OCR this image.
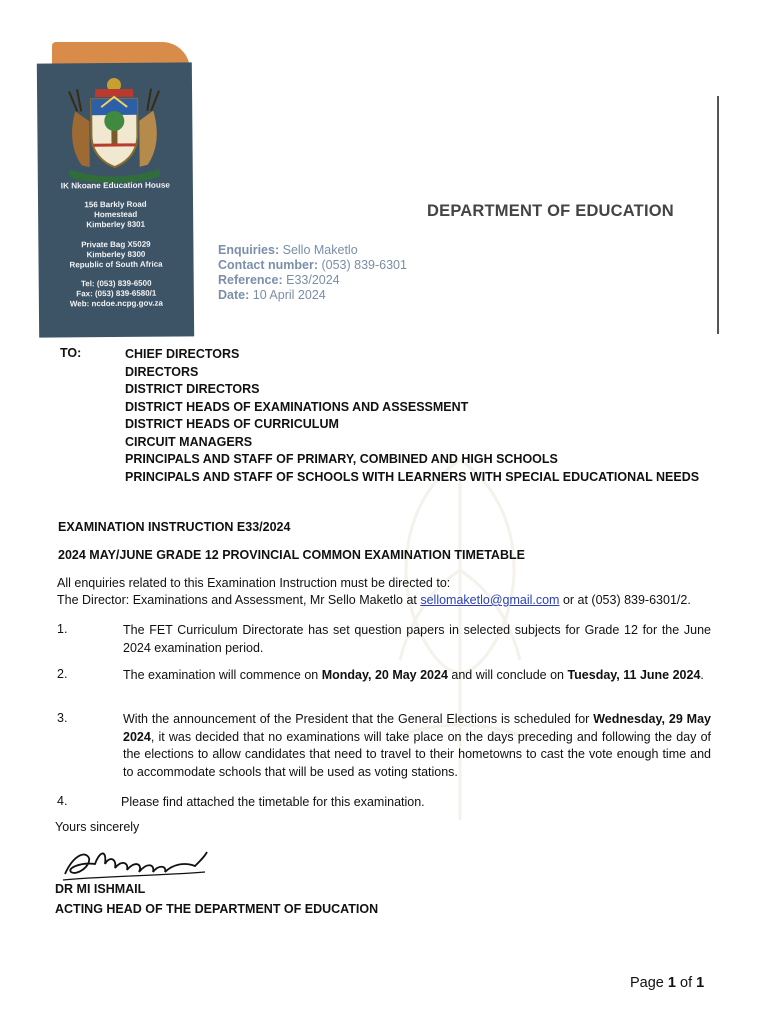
IK Nkoane Education House
156 Barkly Road
Homestead
Kimberley 8301
Private Bag X5029
Kimberley 8300
Republic of South Africa
Tel: (053) 839-6500
Fax: (053) 839-6580/1
Web: ncdoe.ncpg.gov.za
DEPARTMENT OF EDUCATION
Enquiries: Sello Maketlo
Contact number: (053) 839-6301
Reference: E33/2024
Date: 10 April 2024
TO:	CHIEF DIRECTORS

DIRECTORS

DISTRICT DIRECTORS

DISTRICT HEADS OF EXAMINATIONS AND ASSESSMENT

DISTRICT HEADS OF CURRICULUM

CIRCUIT MANAGERS

PRINCIPALS AND STAFF OF PRIMARY, COMBINED AND HIGH SCHOOLS

PRINCIPALS AND STAFF OF SCHOOLS WITH LEARNERS WITH SPECIAL EDUCATIONAL NEEDS

EXAMINATION INSTRUCTION E33/2024
2024 MAY/JUNE GRADE 12 PROVINCIAL COMMON EXAMINATION TIMETABLE
All enquiries related to this Examination Instruction must be directed to:
The Director: Examinations and Assessment, Mr Sello Maketlo at sellomaketlo@gmail.com or at (053) 839-6301/2.
1.	The FET Curriculum Directorate has set question papers in selected subjects for Grade 12 for the June 2024 examination period.
2.	The examination will commence on Monday, 20 May 2024 and will conclude on Tuesday, 11 June 2024.
3.	With the announcement of the President that the General Elections is scheduled for Wednesday, 29 May 2024, it was decided that no examinations will take place on the days preceding and following the day of the elections to allow candidates that need to travel to their hometowns to cast the vote enough time and to accommodate schools that will be used as voting stations.
4.	Please find attached the timetable for this examination.
Yours sincerely
DR MI ISHMAIL
ACTING HEAD OF THE DEPARTMENT OF EDUCATION
Page 1 of 1
